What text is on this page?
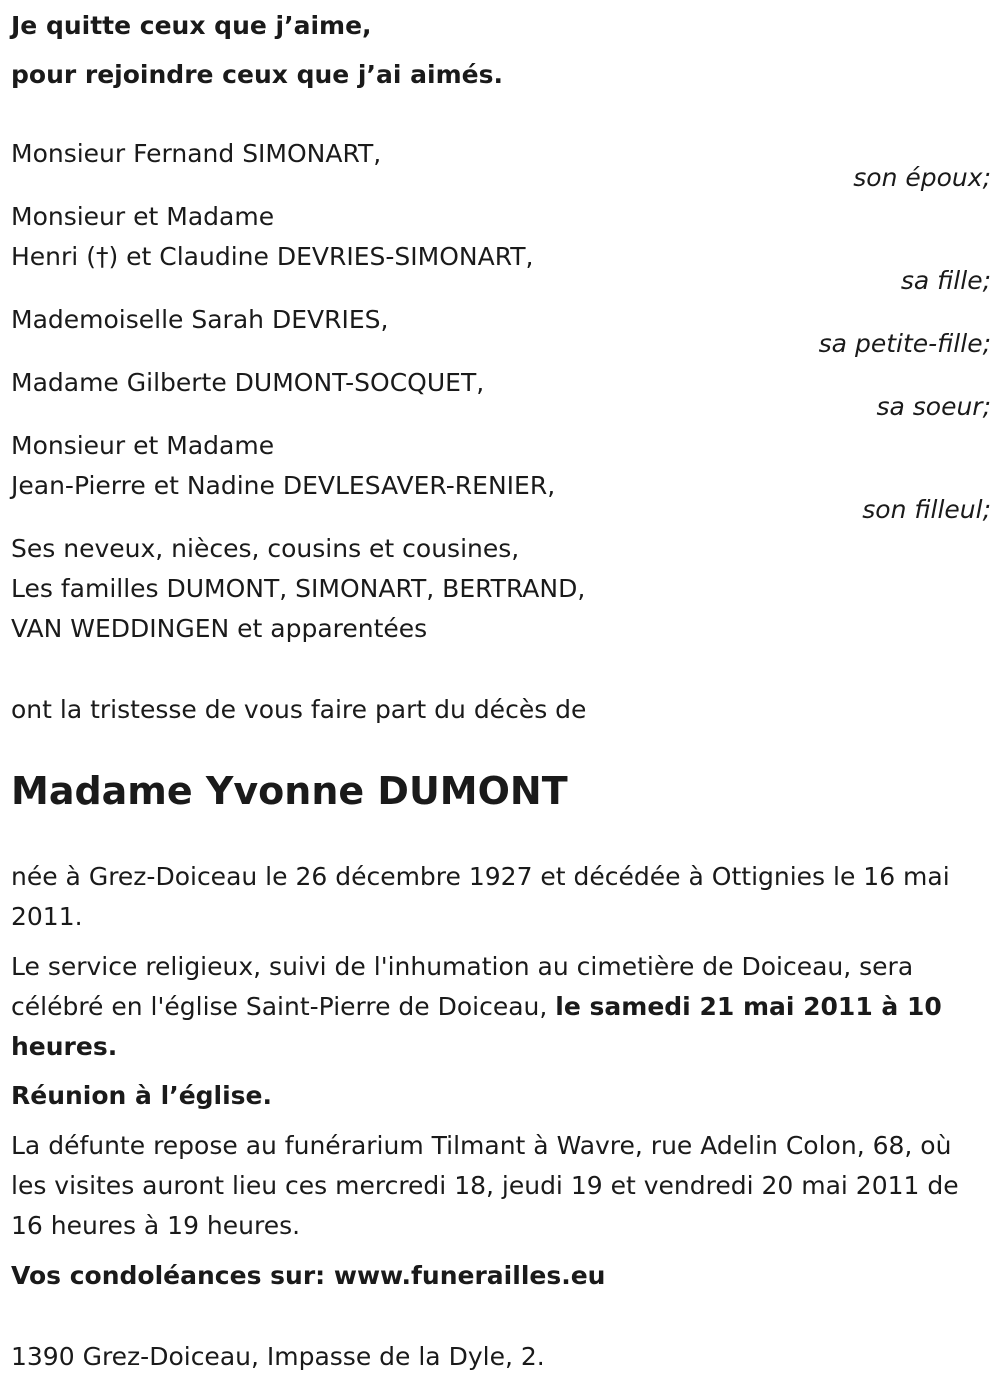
Je quitte ceux que j’aime,
pour rejoindre ceux que j’ai aimés.
Monsieur Fernand SIMONART,
son époux;
Monsieur et Madame
Henri (†) et Claudine DEVRIES-SIMONART,
sa fille;
Mademoiselle Sarah DEVRIES,
sa petite-fille;
Madame Gilberte DUMONT-SOCQUET,
sa soeur;
Monsieur et Madame
Jean-Pierre et Nadine DEVLESAVER-RENIER,
son filleul;
Ses neveux, nièces, cousins et cousines,
Les familles DUMONT, SIMONART, BERTRAND,
VAN WEDDINGEN et apparentées
ont la tristesse de vous faire part du décès de
Madame Yvonne DUMONT
née à Grez-Doiceau le 26 décembre 1927 et décédée à Ottignies le 16 mai 2011.
Le service religieux, suivi de l'inhumation au cimetière de Doiceau, sera célébré en l'église Saint-Pierre de Doiceau, le samedi 21 mai 2011 à 10 heures.
Réunion à l’église.
La défunte repose au funérarium Tilmant à Wavre, rue Adelin Colon, 68, où les visites auront lieu ces mercredi 18, jeudi 19 et vendredi 20 mai 2011 de 16 heures à 19 heures.
Vos condoléances sur: www.funerailles.eu
1390 Grez-Doiceau, Impasse de la Dyle, 2.
